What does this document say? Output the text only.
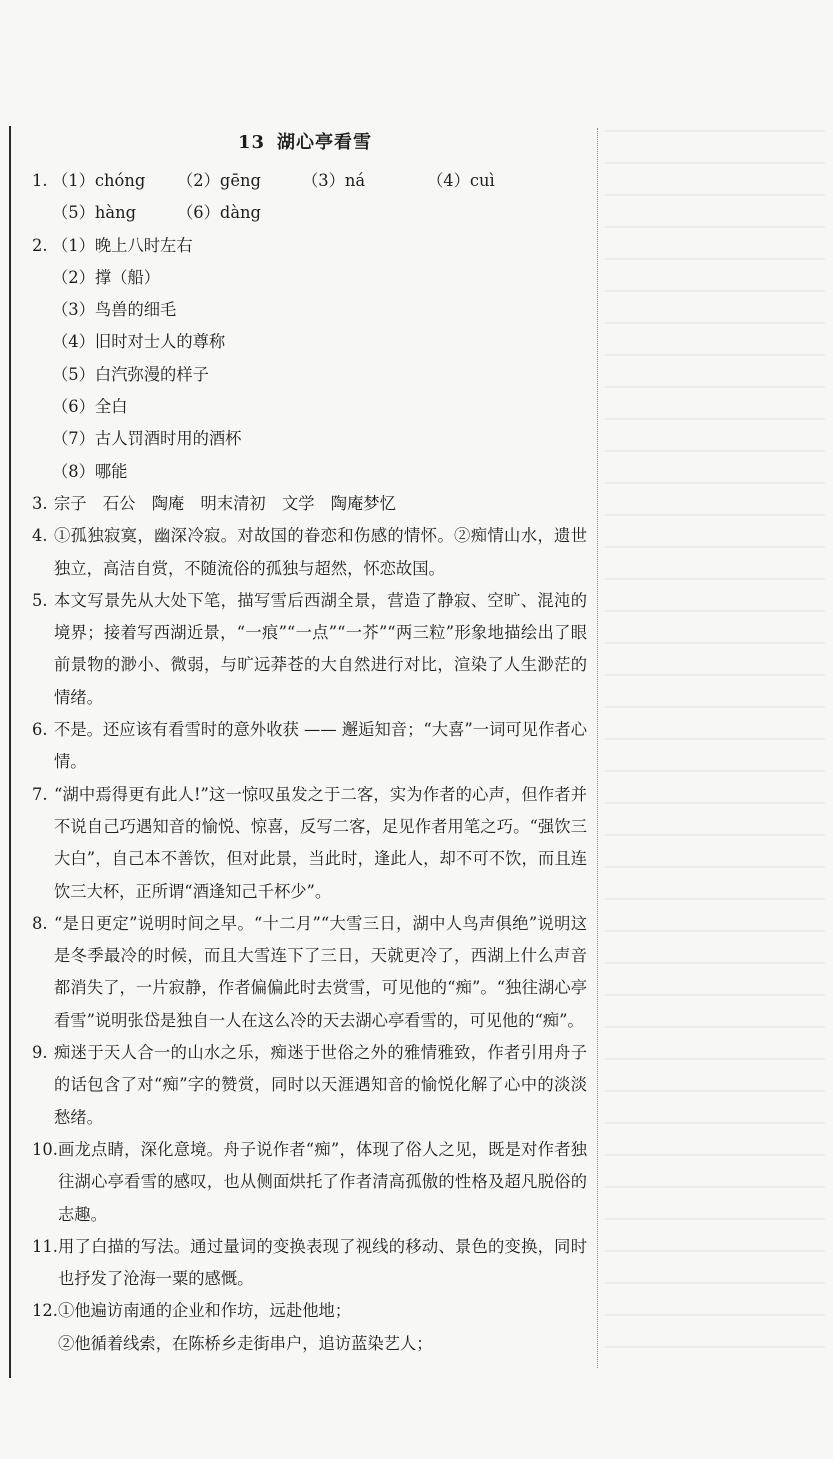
13 湖心亭看雪
1. （1）chóng	（2）gēng	（3）ná	（4）cuì
（5）hàng	（6）dàng
2. （1）晚上八时左右
（2）撑（船）
（3）鸟兽的细毛
（4）旧时对士人的尊称
（5）白汽弥漫的样子
（6）全白
（7）古人罚酒时用的酒杯
（8）哪能
3. 宗子　石公　陶庵　明末清初　文学　陶庵梦忆
4. ①孤独寂寞，幽深冷寂。对故国的眷恋和伤感的情怀。②痴情山水，遗世独立，高洁自赏，不随流俗的孤独与超然，怀恋故国。
5. 本文写景先从大处下笔，描写雪后西湖全景，营造了静寂、空旷、混沌的境界；接着写西湖近景，“一痕”“一点”“一芥”“两三粒”形象地描绘出了眼前景物的渺小、微弱，与旷远莽苍的大自然进行对比，渲染了人生渺茫的情绪。
6. 不是。还应该有看雪时的意外收获 —— 邂逅知音；“大喜”一词可见作者心情。
7. “湖中焉得更有此人!”这一惊叹虽发之于二客，实为作者的心声，但作者并不说自己巧遇知音的愉悦、惊喜，反写二客，足见作者用笔之巧。“强饮三大白”，自己本不善饮，但对此景，当此时，逢此人，却不可不饮，而且连饮三大杯，正所谓“酒逢知己千杯少”。
8. “是日更定”说明时间之早。“十二月”“大雪三日，湖中人鸟声俱绝”说明这是冬季最冷的时候，而且大雪连下了三日，天就更冷了，西湖上什么声音都消失了，一片寂静，作者偏偏此时去赏雪，可见他的“痴”。“独往湖心亭看雪”说明张岱是独自一人在这么冷的天去湖心亭看雪的，可见他的“痴”。
9. 痴迷于天人合一的山水之乐，痴迷于世俗之外的雅情雅致，作者引用舟子的话包含了对“痴”字的赞赏，同时以天涯遇知音的愉悦化解了心中的淡淡愁绪。
10. 画龙点睛，深化意境。舟子说作者“痴”，体现了俗人之见，既是对作者独往湖心亭看雪的感叹，也从侧面烘托了作者清高孤傲的性格及超凡脱俗的志趣。
11. 用了白描的写法。通过量词的变换表现了视线的移动、景色的变换，同时也抒发了沧海一粟的感慨。
12. ①他遍访南通的企业和作坊，远赴他地；
②他循着线索，在陈桥乡走街串户，追访蓝染艺人；
